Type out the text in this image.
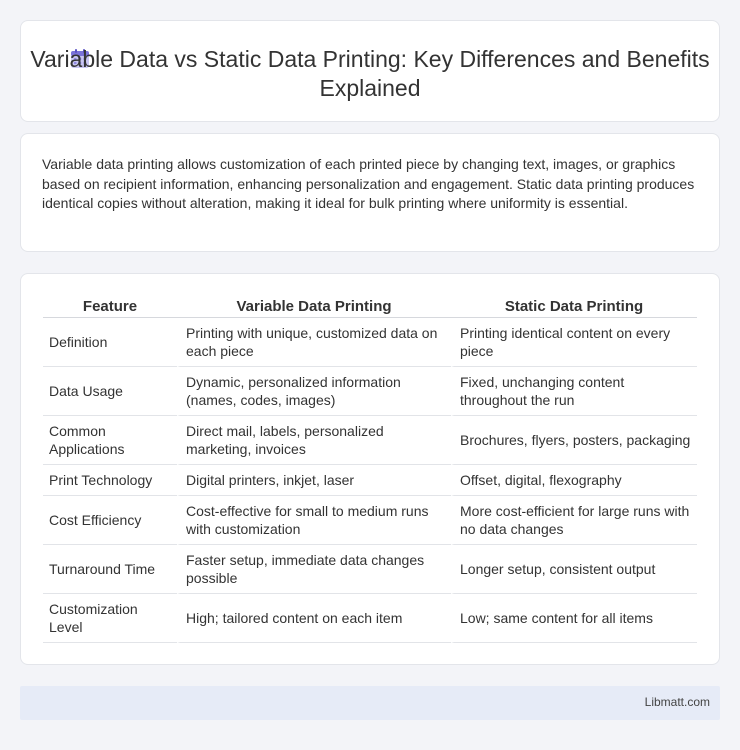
Variable Data vs Static Data Printing: Key Differences and Benefits Explained

Variable data printing allows customization of each printed piece by changing text, images, or graphics based on recipient information, enhancing personalization and engagement. Static data printing produces identical copies without alteration, making it ideal for bulk printing where uniformity is essential.

Feature	Variable Data Printing	Static Data Printing
Definition	Printing with unique, customized data on each piece	Printing identical content on every piece
Data Usage	Dynamic, personalized information (names, codes, images)	Fixed, unchanging content throughout the run
Common Applications	Direct mail, labels, personalized marketing, invoices	Brochures, flyers, posters, packaging
Print Technology	Digital printers, inkjet, laser	Offset, digital, flexography
Cost Efficiency	Cost-effective for small to medium runs with customization	More cost-efficient for large runs with no data changes
Turnaround Time	Faster setup, immediate data changes possible	Longer setup, consistent output
Customization Level	High; tailored content on each item	Low; same content for all items
Libmatt.com
